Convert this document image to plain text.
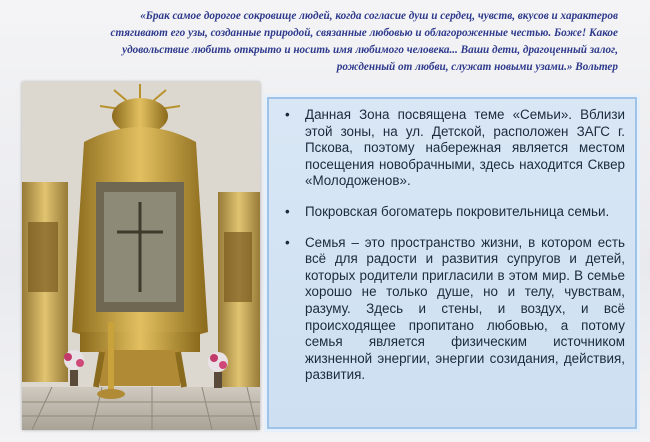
«Брак самое дорогое сокровище людей, когда согласие душ и сердец, чувств, вкусов и характеров
стягивают его узы, созданные природой, связанные любовью и облагороженные честью. Боже! Какое
удовольствие любить открыто и носить имя любимого человека... Ваши дети, драгоценный залог,
рожденный от любви, служат новыми узами.» Вольтер
• Данная Зона посвящена теме «Семьи». Вблизи этой зоны, на ул. Детской, расположен ЗАГС г. Пскова, поэтому набережная является местом посещения новобрачными, здесь находится Сквер «Молодоженов».
• Покровская богоматерь покровительница семьи.
• Семья – это пространство жизни, в котором есть всё для радости и развития супругов и детей, которых родители пригласили в этом мир. В семье хорошо не только душе, но и телу, чувствам, разуму. Здесь и стены, и воздух, и всё происходящее пропитано любовью, а потому семья является физическим источником жизненной энергии, энергии созидания, действия, развития.
